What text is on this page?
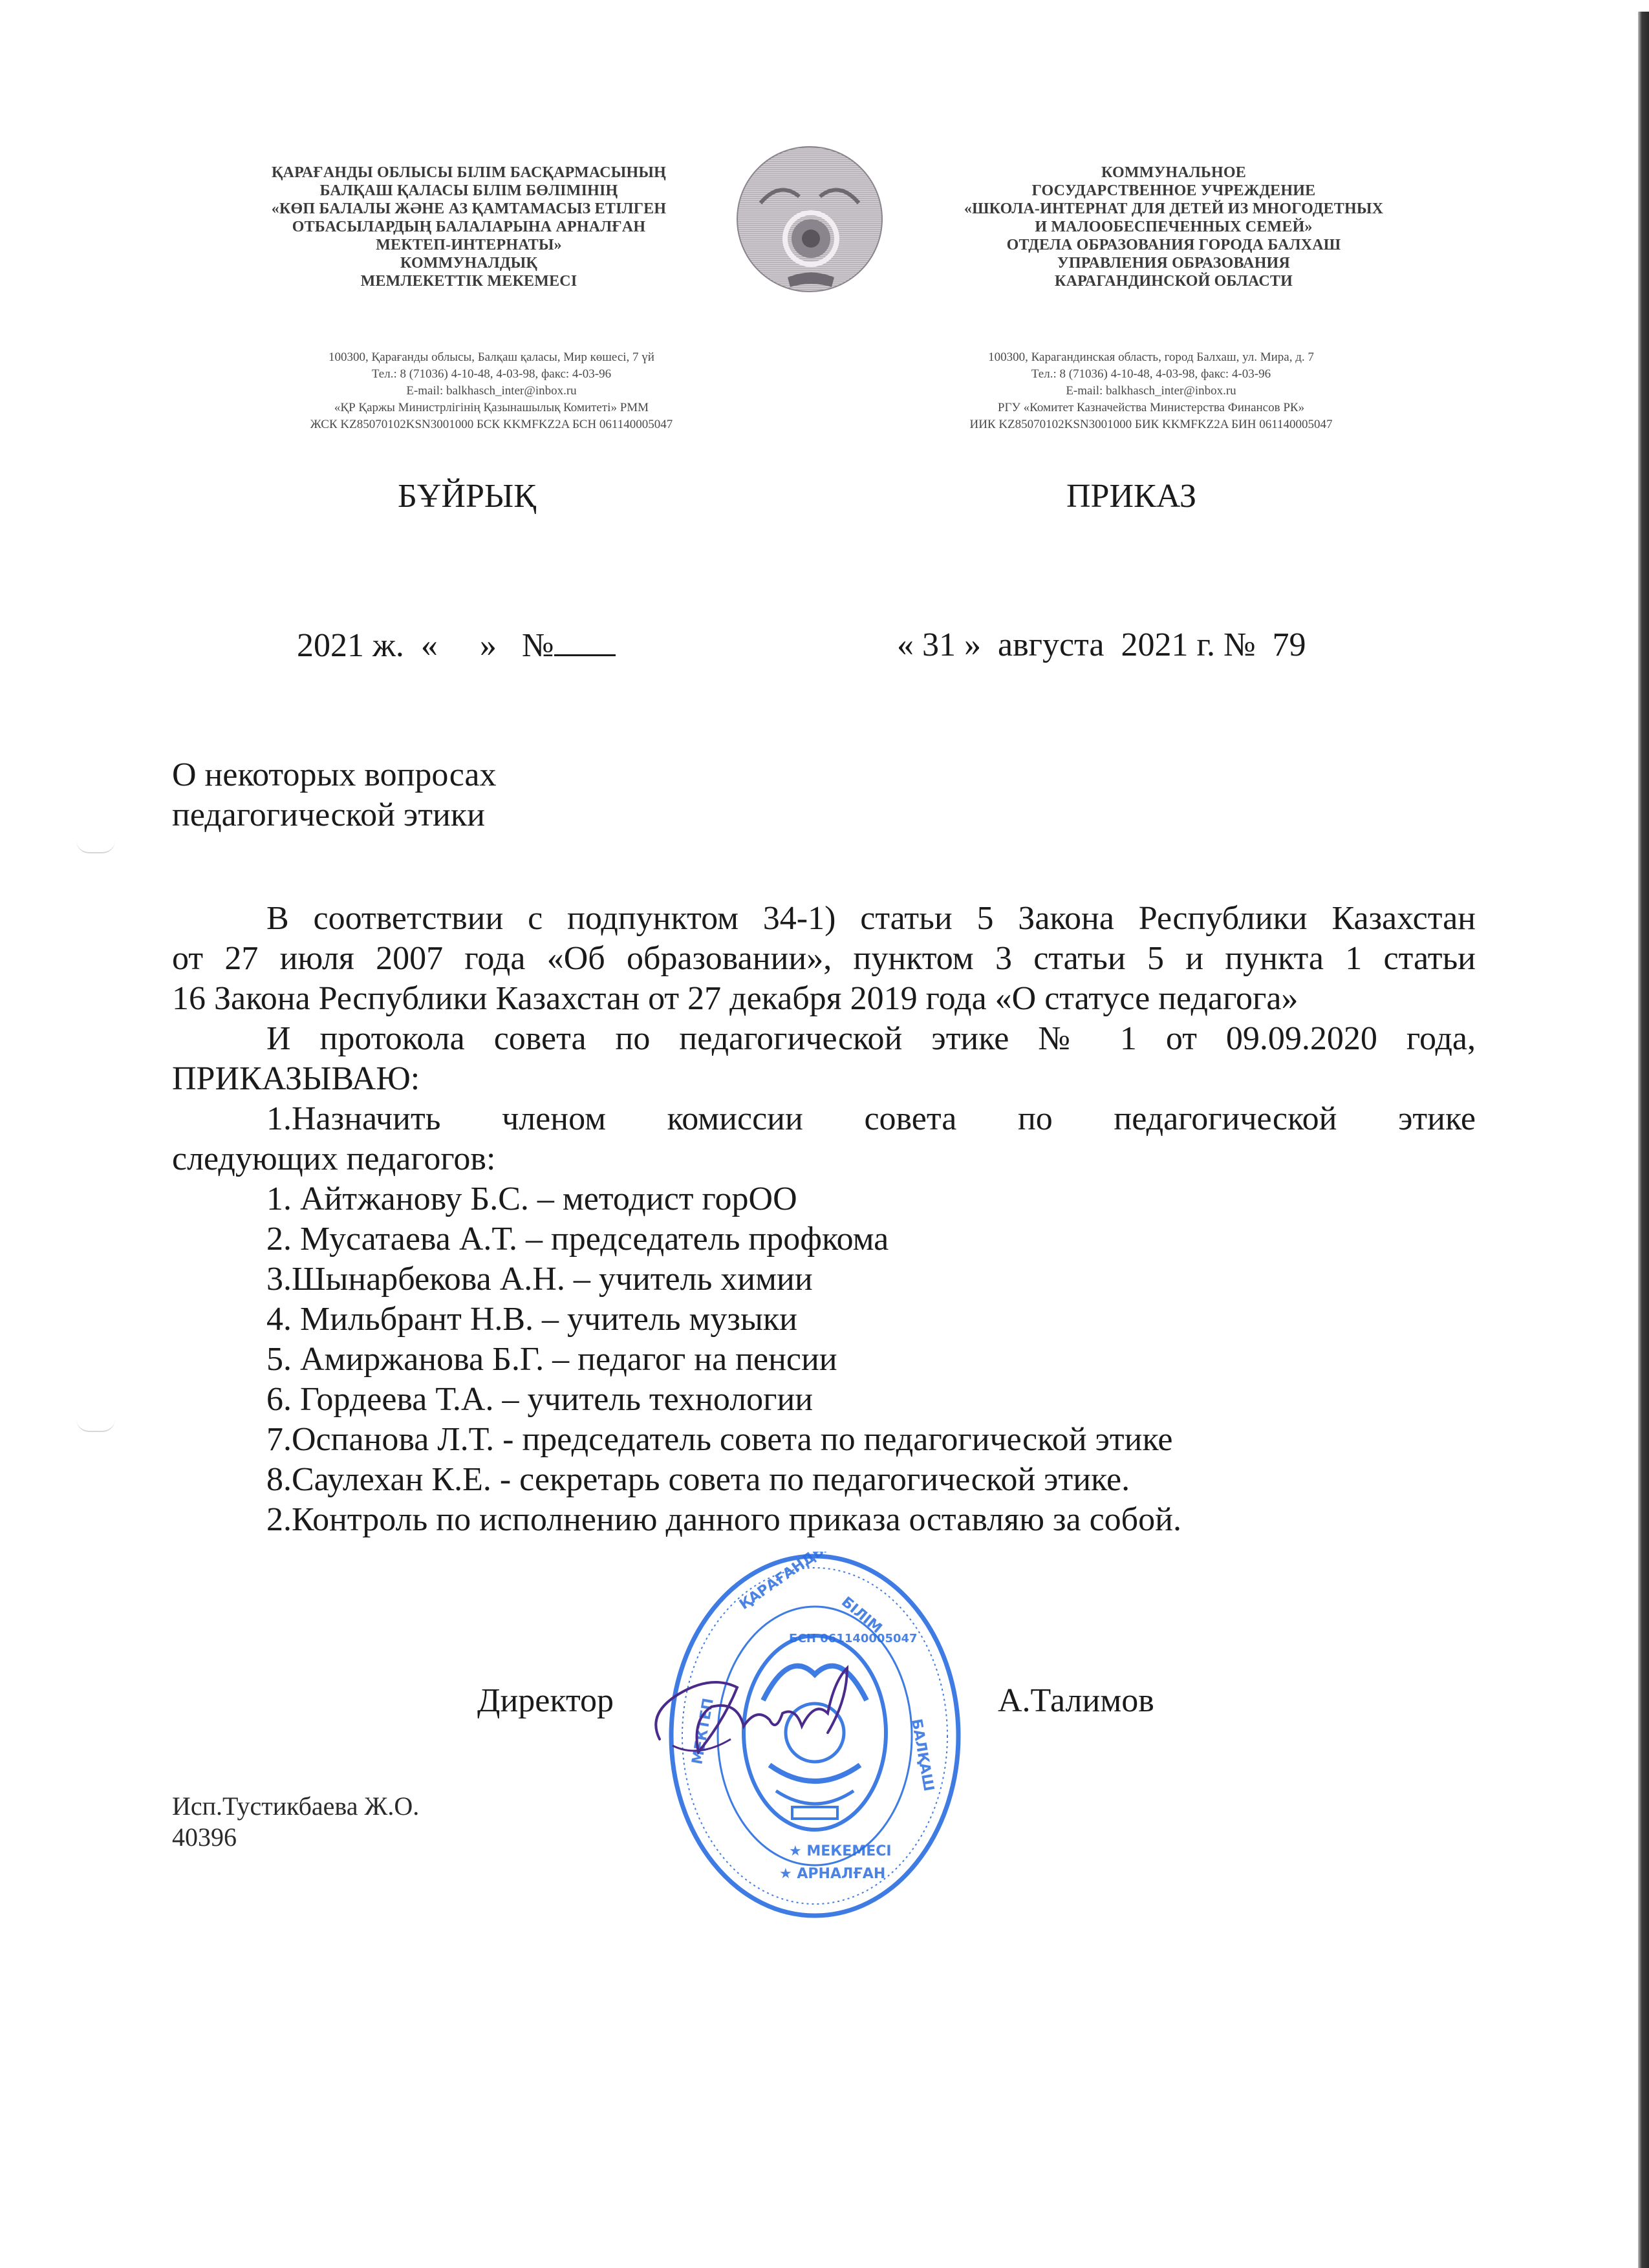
ҚАРАҒАНДЫ ОБЛЫСЫ БІЛІМ БАСҚАРМАСЫНЫҢ
БАЛҚАШ ҚАЛАСЫ БІЛІМ БӨЛІМІНІҢ
«КӨП БАЛАЛЫ ЖӘНЕ АЗ ҚАМТАМАСЫЗ ЕТІЛГЕН
ОТБАСЫЛАРДЫҢ БАЛАЛАРЫНА АРНАЛҒАН
МЕКТЕП-ИНТЕРНАТЫ»
КОММУНАЛДЫҚ
МЕМЛЕКЕТТІК МЕКЕМЕСІ
КОММУНАЛЬНОЕ
ГОСУДАРСТВЕННОЕ УЧРЕЖДЕНИЕ
«ШКОЛА-ИНТЕРНАТ ДЛЯ ДЕТЕЙ ИЗ МНОГОДЕТНЫХ
И МАЛООБЕСПЕЧЕННЫХ СЕМЕЙ»
ОТДЕЛА ОБРАЗОВАНИЯ ГОРОДА БАЛХАШ
УПРАВЛЕНИЯ ОБРАЗОВАНИЯ
КАРАГАНДИНСКОЙ ОБЛАСТИ
100300, Қарағанды облысы, Балқаш қаласы, Мир көшесі, 7 үй
Тел.: 8 (71036) 4-10-48, 4-03-98, факс: 4-03-96
E-mail: balkhasch_inter@inbox.ru
«ҚР Қаржы Министрлігінің Қазынашылық Комитеті» РММ
ЖСК KZ85070102KSN3001000 БСК KKMFKZ2A БСН 061140005047
100300, Карагандинская область, город Балхаш, ул. Мира, д. 7
Тел.: 8 (71036) 4-10-48, 4-03-98, факс: 4-03-96
E-mail: balkhasch_inter@inbox.ru
РГУ «Комитет Казначейства Министерства Финансов РК»
ИИК KZ85070102KSN3001000 БИК KKMFKZ2A БИН 061140005047
БҰЙРЫҚ	ПРИКАЗ
2021 ж.  «     »   №	« 31 »  августа  2021 г. №  79
О некоторых вопросах
педагогической этики

В соответствии с подпунктом 34-1) статьи 5 Закона Республики Казахстан

от 27 июля 2007 года «Об образовании», пунктом 3 статьи 5 и пункта 1 статьи

16 Закона Республики Казахстан от 27 декабря 2019 года «О статусе педагога»

И протокола совета по педагогической этике № 1 от 09.09.2020 года,

ПРИКАЗЫВАЮ:

1.Назначить членом комиссии совета по педагогической этике

следующих педагогов:

1. Айтжанову Б.С. – методист горОО

2. Мусатаева А.Т. – председатель профкома

3.Шынарбекова А.Н. – учитель химии

4. Мильбрант Н.В. – учитель музыки

5. Амиржанова Б.Г. – педагог на пенсии

6. Гордеева Т.А. – учитель технологии

7.Оспанова Л.Т. - председатель совета по педагогической этике

8.Саулехан К.Е. - секретарь совета по педагогической этике.

2.Контроль по исполнению данного приказа оставляю за собой.

ҚАРАҒАНДЫ
БІЛІМ
БАЛҚАШ
МЕКТЕП
★ МЕКЕМЕСІ
★ АРНАЛҒАН
БСН 061140005047
Директор	А.Талимов
Исп.Тустикбаева Ж.О.
40396
